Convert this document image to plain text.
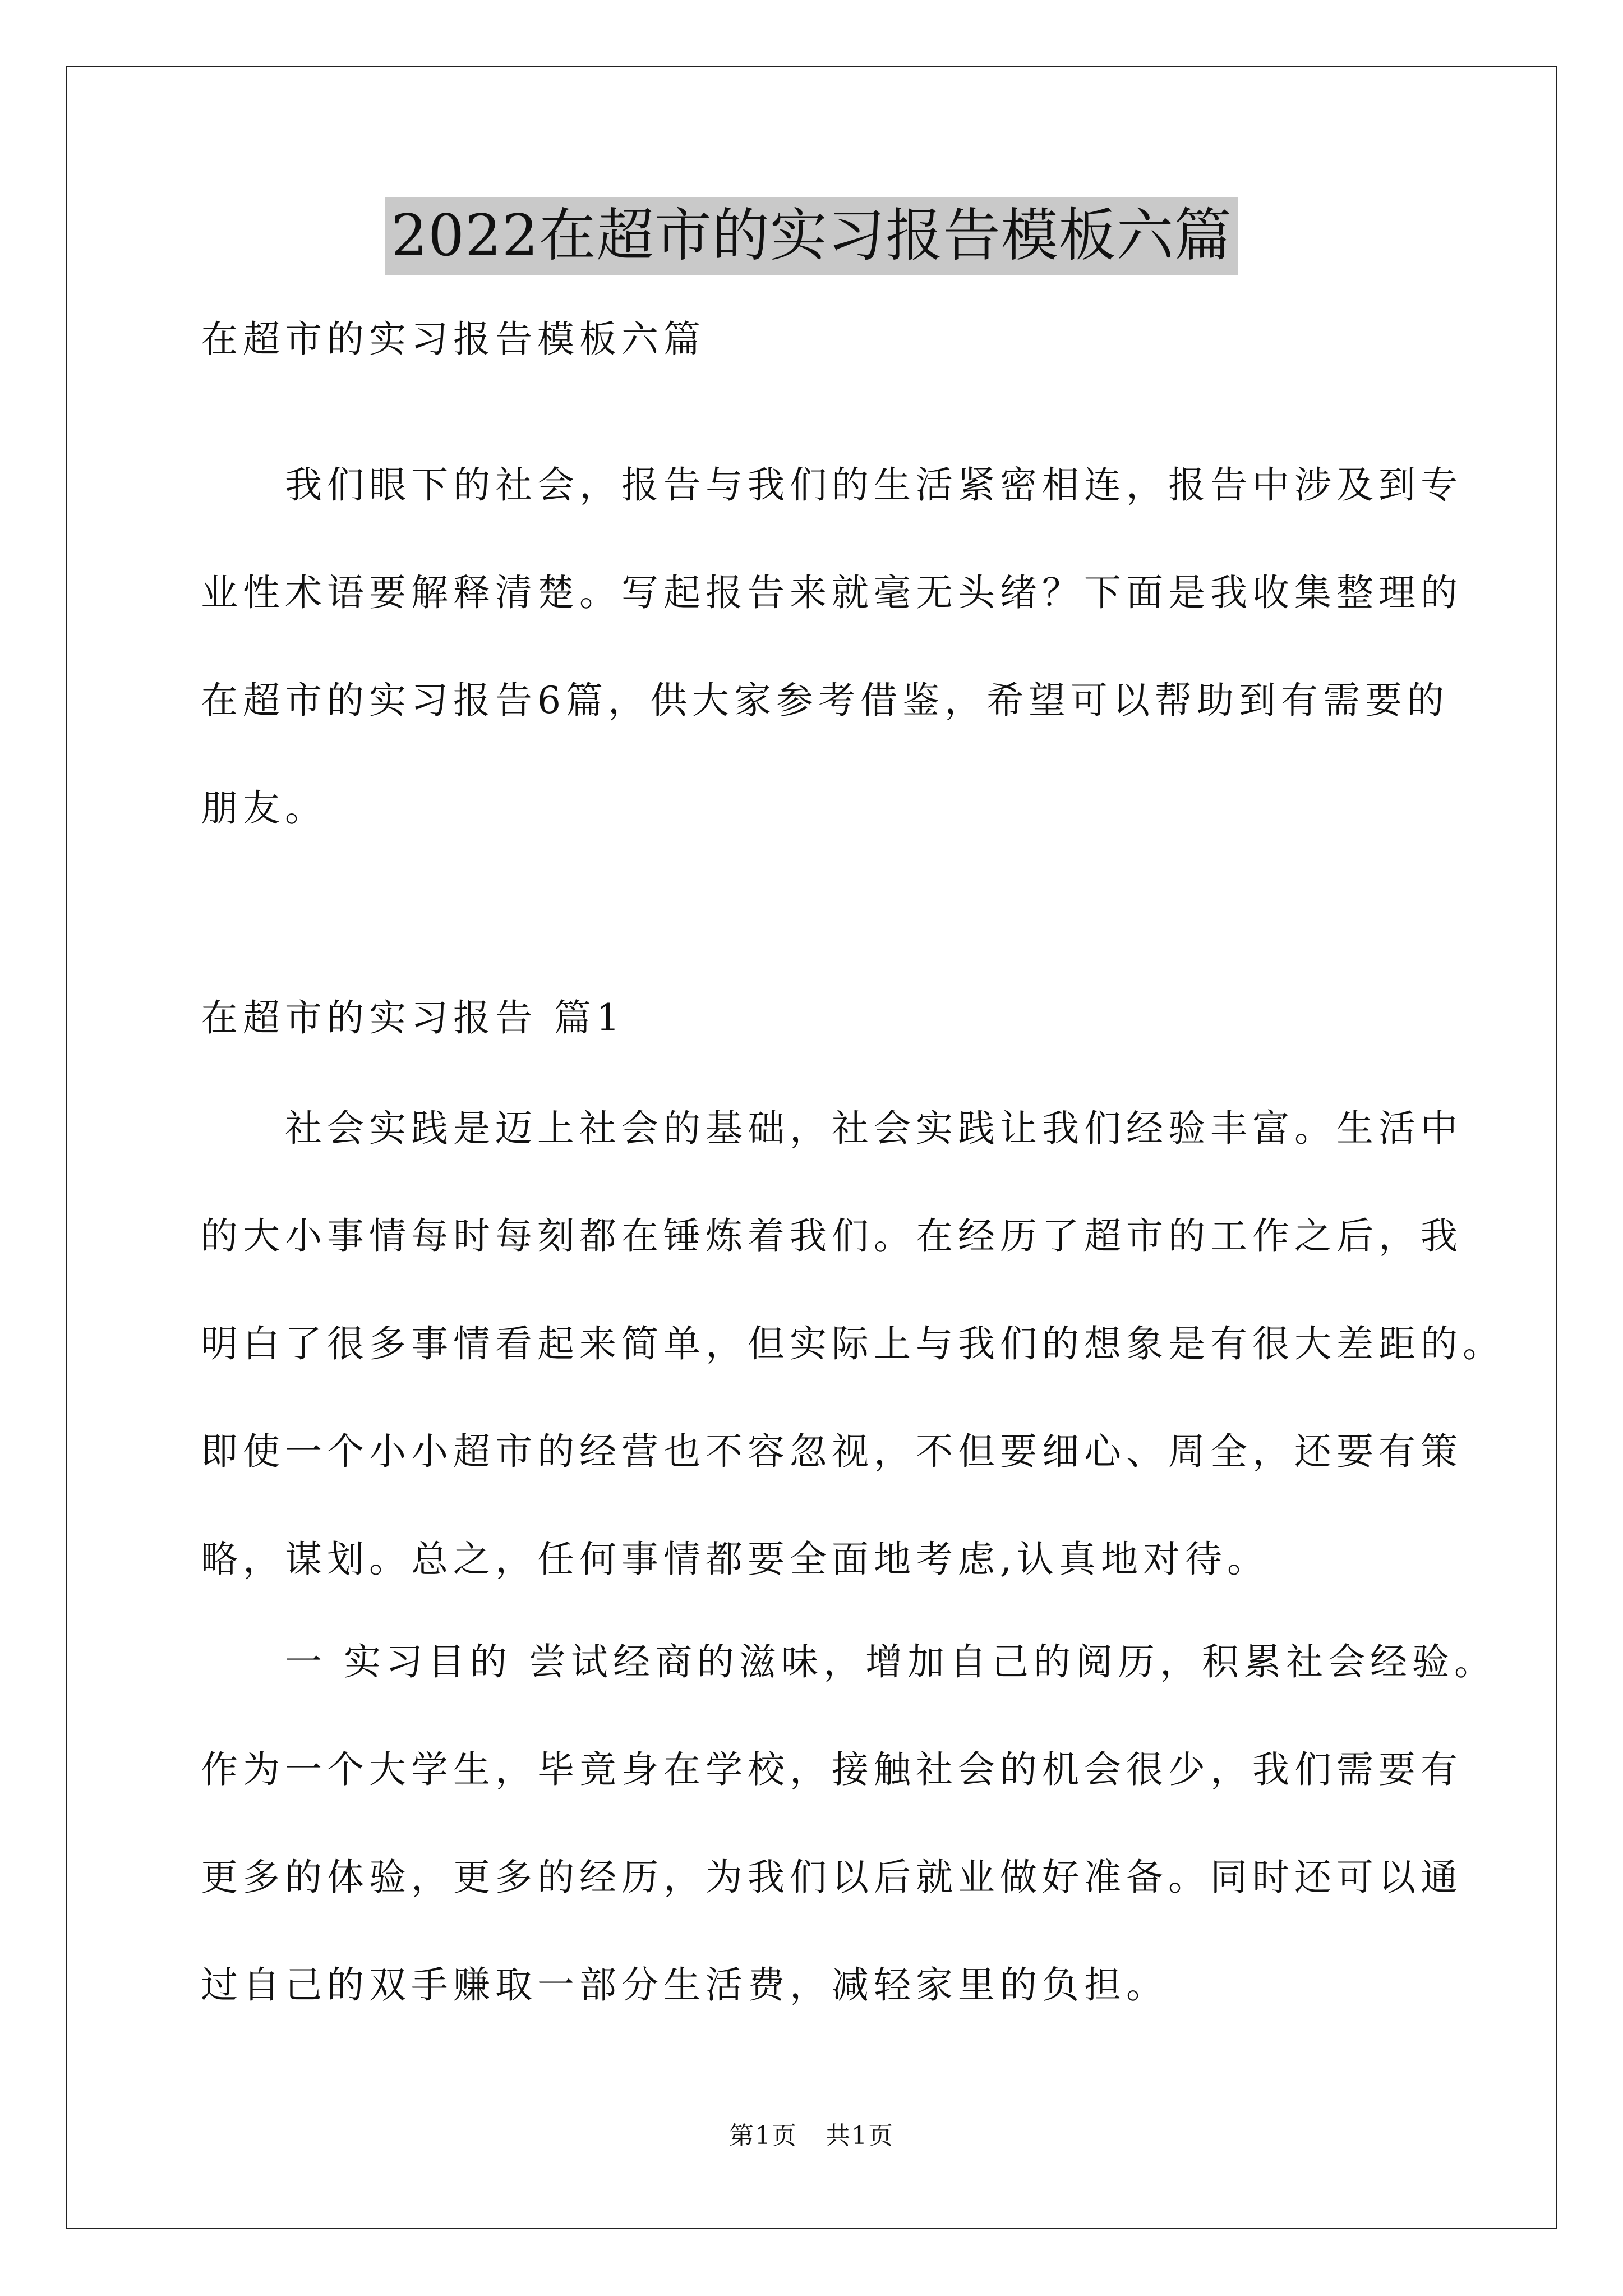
2022在超市的实习报告模板六篇
在超市的实习报告模板六篇
　　我们眼下的社会，报告与我们的生活紧密相连，报告中涉及到专
业性术语要解释清楚。写起报告来就毫无头绪？下面是我收集整理的
在超市的实习报告6篇，供大家参考借鉴，希望可以帮助到有需要的
朋友。
在超市的实习报告 篇1
　　社会实践是迈上社会的基础，社会实践让我们经验丰富。生活中
的大小事情每时每刻都在锤炼着我们。在经历了超市的工作之后，我
明白了很多事情看起来简单，但实际上与我们的想象是有很大差距的。
即使一个小小超市的经营也不容忽视，不但要细心、周全，还要有策
略，谋划。总之，任何事情都要全面地考虑,认真地对待。
　　一 实习目的 尝试经商的滋味，增加自己的阅历，积累社会经验。
作为一个大学生，毕竟身在学校，接触社会的机会很少，我们需要有
更多的体验，更多的经历，为我们以后就业做好准备。同时还可以通
过自己的双手赚取一部分生活费，减轻家里的负担。
第1页 共1页
